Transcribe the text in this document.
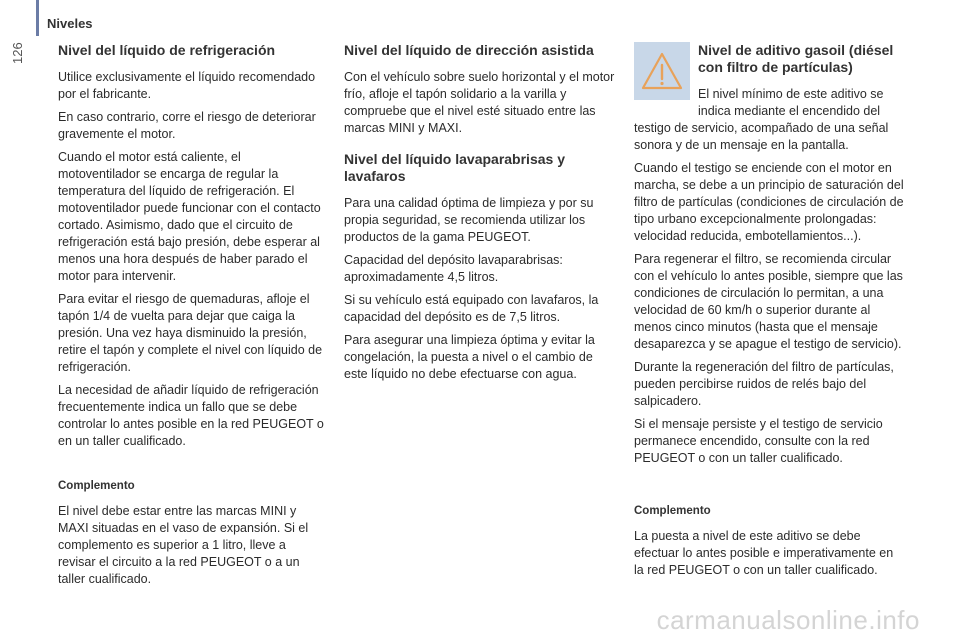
Niveles
126 Nivel del líquido de refrigeración

Utilice exclusivamente el líquido recomendado por el fabricante.

En caso contrario, corre el riesgo de deteriorar gravemente el motor.

Cuando el motor está caliente, el motoventilador se encarga de regular la temperatura del líquido de refrigeración. El motoventilador puede funcionar con el contacto cortado. Asimismo, dado que el circuito de refrigeración está bajo presión, debe esperar al menos una hora después de haber parado el motor para intervenir.

Para evitar el riesgo de quemaduras, afloje el tapón 1/4 de vuelta para dejar que caiga la presión. Una vez haya disminuido la presión, retire el tapón y complete el nivel con líquido de refrigeración.

La necesidad de añadir líquido de refrigeración frecuentemente indica un fallo que se debe controlar lo antes posible en la red PEUGEOT o en un taller cualificado.

Complemento

El nivel debe estar entre las marcas MINI y MAXI situadas en el vaso de expansión. Si el complemento es superior a 1 litro, lleve a revisar el circuito a la red PEUGEOT o a un taller cualificado.

Nivel del líquido de dirección asistida

Con el vehículo sobre suelo horizontal y el motor frío, afloje el tapón solidario a la varilla y compruebe que el nivel esté situado entre las marcas MINI y MAXI.

Nivel del líquido lavaparabrisas y lavafaros

Para una calidad óptima de limpieza y por su propia seguridad, se recomienda utilizar los productos de la gama PEUGEOT.

Capacidad del depósito lavaparabrisas: aproximadamente 4,5 litros.

Si su vehículo está equipado con lavafaros, la capacidad del depósito es de 7,5 litros.

Para asegurar una limpieza óptima y evitar la congelación, la puesta a nivel o el cambio de este líquido no debe efectuarse con agua.

Nivel de aditivo gasoil (diésel con filtro de partículas)

El nivel mínimo de este aditivo se indica mediante el encendido del testigo de servicio, acompañado de una señal sonora y de un mensaje en la pantalla.

Cuando el testigo se enciende con el motor en marcha, se debe a un principio de saturación del filtro de partículas (condiciones de circulación de tipo urbano excepcionalmente prolongadas: velocidad reducida, embotellamientos...).

Para regenerar el filtro, se recomienda circular con el vehículo lo antes posible, siempre que las condiciones de circulación lo permitan, a una velocidad de 60 km/h o superior durante al menos cinco minutos (hasta que el mensaje desaparezca y se apague el testigo de servicio).

Durante la regeneración del filtro de partículas, pueden percibirse ruidos de relés bajo del salpicadero.

Si el mensaje persiste y el testigo de servicio permanece encendido, consulte con la red PEUGEOT o con un taller cualificado.

Complemento

La puesta a nivel de este aditivo se debe efectuar lo antes posible e imperativamente en la red PEUGEOT o con un taller cualificado.

carmanualsonline.info
